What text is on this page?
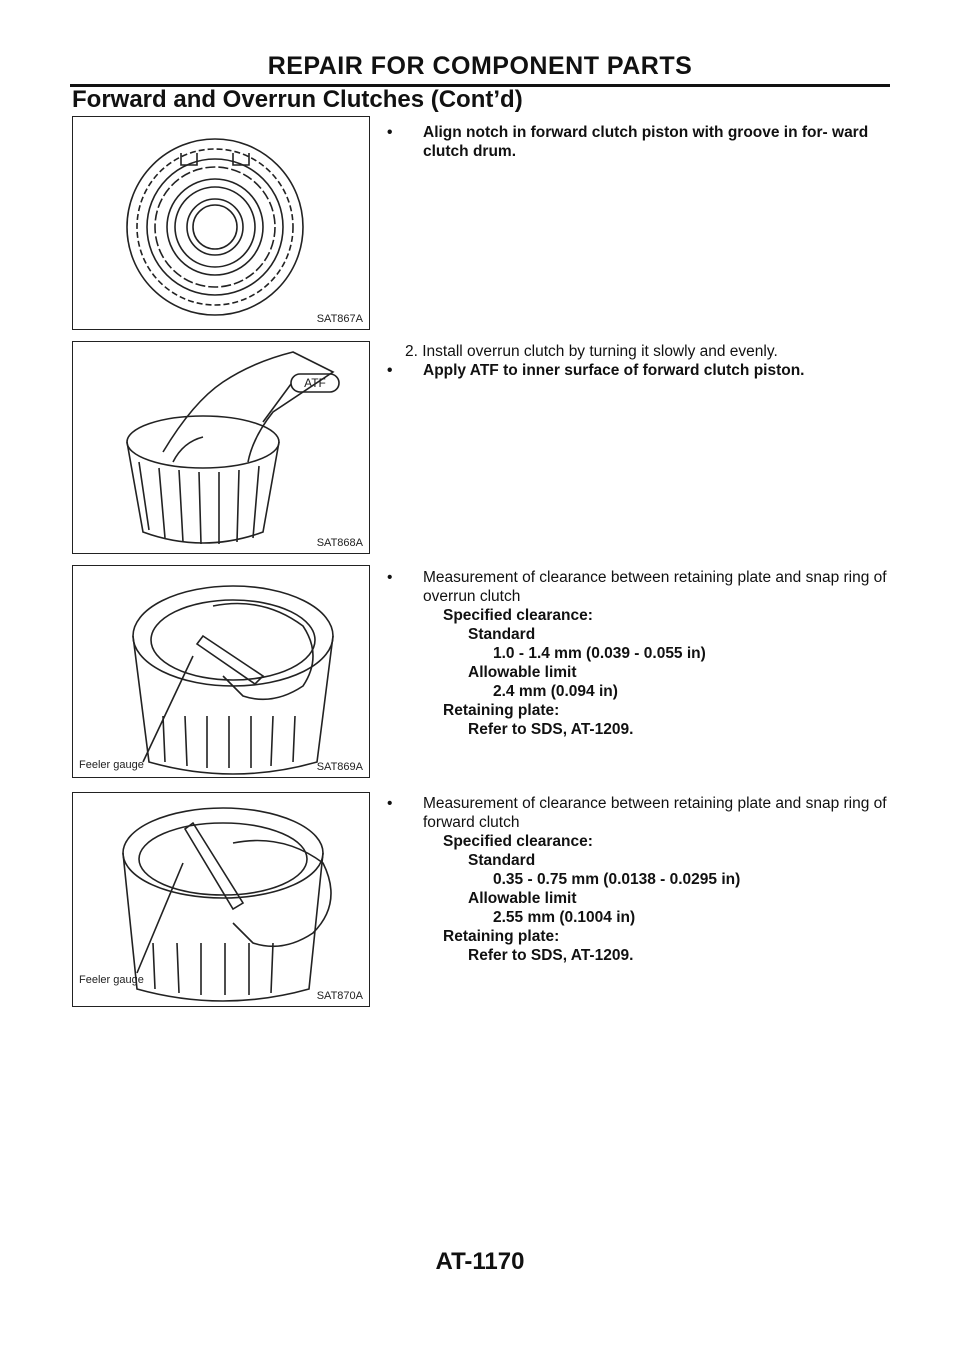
REPAIR FOR COMPONENT PARTS
Forward and Overrun Clutches (Cont’d)
SAT867A
ATF
SAT868A
Feeler gauge	SAT869A
Feeler gauge
SAT870A

• Align notch in forward clutch piston with groove in for- ward clutch drum.

2. Install overrun clutch by turning it slowly and evenly.

• Apply ATF to inner surface of forward clutch piston.

• Measurement of clearance between retaining plate and snap ring of overrun clutch

Specified clearance:

Standard

1.0 - 1.4 mm (0.039 - 0.055 in)

Allowable limit

2.4 mm (0.094 in)

Retaining plate:

Refer to SDS, AT-1209.

• Measurement of clearance between retaining plate and snap ring of forward clutch

Specified clearance:

Standard

0.35 - 0.75 mm (0.0138 - 0.0295 in)

Allowable limit

2.55 mm (0.1004 in)

Retaining plate:

Refer to SDS, AT-1209.

AT-1170
